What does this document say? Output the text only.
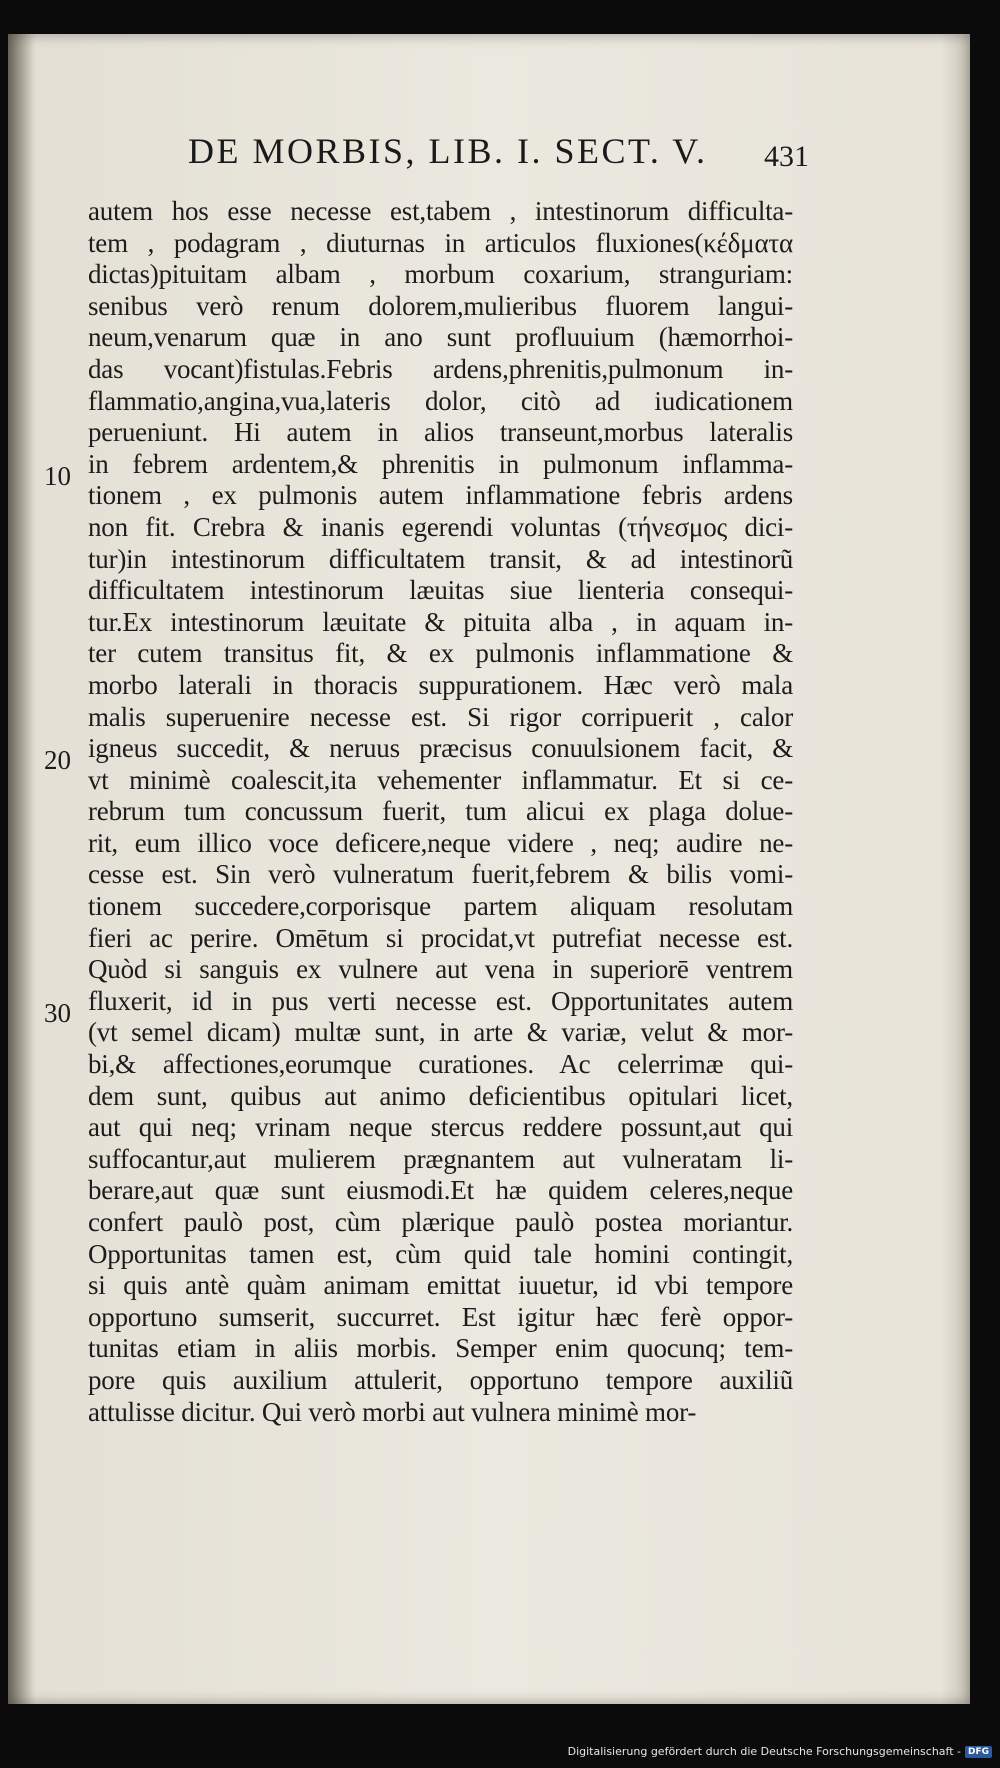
DE MORBIS, LIB. I. SECT. V. 431
10
20
30
autem hos esse necesse est,tabem , intestinorum difficulta-
tem , podagram , diuturnas in articulos fluxiones(κέδματα
dictas)pituitam albam , morbum coxarium, stranguriam:
senibus verò renum dolorem,mulieribus fluorem langui-
neum,venarum quæ in ano sunt profluuium (hæmorrhoi-
das vocant)fistulas.Febris ardens,phrenitis,pulmonum in-
flammatio,angina,vua,lateris dolor, citò ad iudicationem
perueniunt. Hi autem in alios transeunt,morbus lateralis
in febrem ardentem,& phrenitis in pulmonum inflamma-
tionem , ex pulmonis autem inflammatione febris ardens
non fit. Crebra & inanis egerendi voluntas (τήνεσμος dici-
tur)in intestinorum difficultatem transit, & ad intestinorũ
difficultatem intestinorum læuitas siue lienteria consequi-
tur.Ex intestinorum læuitate & pituita alba , in aquam in-
ter cutem transitus fit, & ex pulmonis inflammatione &
morbo laterali in thoracis suppurationem. Hæc verò mala
malis superuenire necesse est. Si rigor corripuerit , calor
igneus succedit, & neruus præcisus conuulsionem facit, &
vt minimè coalescit,ita vehementer inflammatur. Et si ce-
rebrum tum concussum fuerit, tum alicui ex plaga dolue-
rit, eum illico voce deficere,neque videre , neq; audire ne-
cesse est. Sin verò vulneratum fuerit,febrem & bilis vomi-
tionem succedere,corporisque partem aliquam resolutam
fieri ac perire. Omētum si procidat,vt putrefiat necesse est.
Quòd si sanguis ex vulnere aut vena in superiorē ventrem
fluxerit, id in pus verti necesse est. Opportunitates autem
(vt semel dicam) multæ sunt, in arte & variæ, velut & mor-
bi,& affectiones,eorumque curationes. Ac celerrimæ qui-
dem sunt, quibus aut animo deficientibus opitulari licet,
aut qui neq; vrinam neque stercus reddere possunt,aut qui
suffocantur,aut mulierem prægnantem aut vulneratam li-
berare,aut quæ sunt eiusmodi.Et hæ quidem celeres,neque
confert paulò post, cùm plærique paulò postea moriantur.
Opportunitas tamen est, cùm quid tale homini contingit,
si quis antè quàm animam emittat iuuetur, id vbi tempore
opportuno sumserit, succurret. Est igitur hæc ferè oppor-
tunitas etiam in aliis morbis. Semper enim quocunq; tem-
pore quis auxilium attulerit, opportuno tempore auxiliũ
attulisse dicitur. Qui verò morbi aut vulnera minimè mor-
Digitalisierung gefördert durch die Deutsche Forschungsgemeinschaft - DFG
